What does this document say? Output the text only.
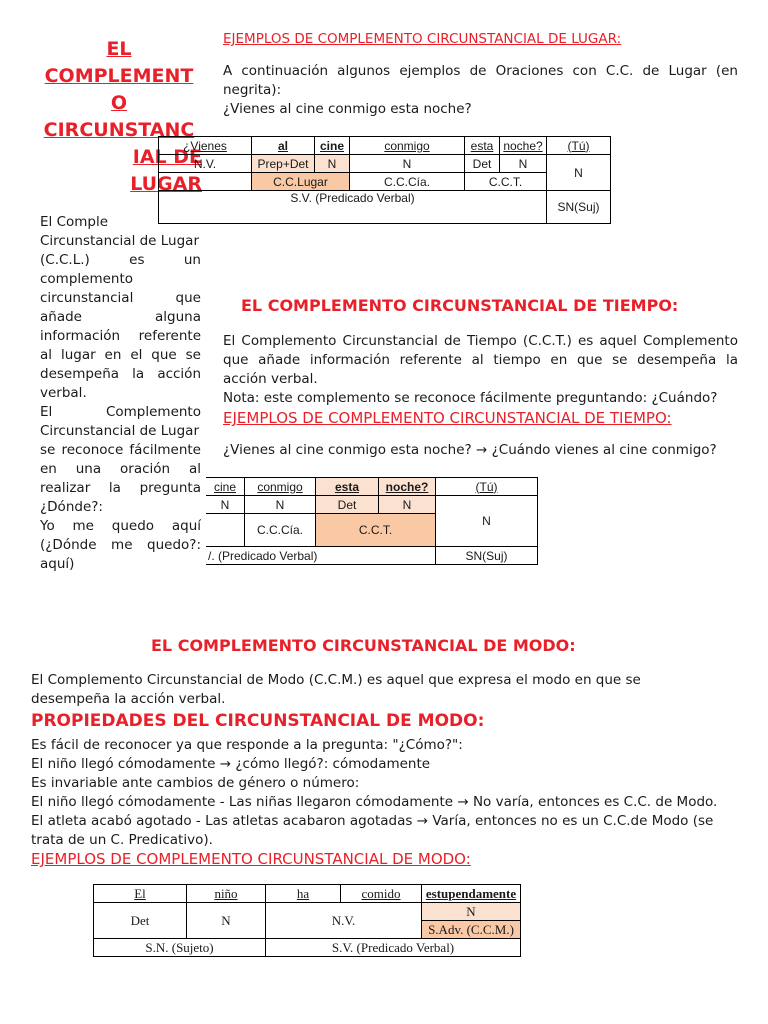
EL
COMPLEMENT
O
CIRCUNSTANC
IAL DE
LUGAR
El Comple
Circunstancial de Lugar
(C.C.L.) es un
complemento
circunstancial que
añade alguna
información referente
al lugar en el que se
desempeña la acción
verbal.
El Complemento
Circunstancial de Lugar
se reconoce fácilmente
en una oración al
realizar la pregunta
¿Dónde?:
Yo me quedo aquí
(¿Dónde me quedo?:
aquí)
EJEMPLOS DE COMPLEMENTO CIRCUNSTANCIAL DE LUGAR:
A continuación algunos ejemplos de Oraciones con C.C. de Lugar (en
negrita):
¿Vienes al cine conmigo esta noche?
¿Vienes	al	cine	conmigo	esta	noche?	(Tú)
N.V.	Prep+Det	N	N	Det	N	N
	C.C.Lugar		C.C.Cía.	C.C.T.		
S.V. (Predicado Verbal)						SN(Suj)
EL COMPLEMENTO CIRCUNSTANCIAL DE TIEMPO:
El Complemento Circunstancial de Tiempo (C.C.T.) es aquel Complemento
que añade información referente al tiempo en que se desempeña la
acción verbal.
Nota: este complemento se reconoce fácilmente preguntando: ¿Cuándo?
EJEMPLOS DE COMPLEMENTO CIRCUNSTANCIAL DE TIEMPO:
¿Vienes al cine conmigo esta noche? → ¿Cuándo vienes al cine conmigo?
cine	conmigo	esta	noche?	(Tú)
N	N	Det	N	N
	C.C.Cía.	C.C.T.		
/. (Predicado Verbal)				SN(Suj)
EL COMPLEMENTO CIRCUNSTANCIAL DE MODO:
El Complemento Circunstancial de Modo (C.C.M.) es aquel que expresa el modo en que se
desempeña la acción verbal.
PROPIEDADES DEL CIRCUNSTANCIAL DE MODO:
Es fácil de reconocer ya que responde a la pregunta: "¿Cómo?":
El niño llegó cómodamente → ¿cómo llegó?: cómodamente
Es invariable ante cambios de género o número:
El niño llegó cómodamente - Las niñas llegaron cómodamente → No varía, entonces es C.C. de Modo.
El atleta acabó agotado - Las atletas acabaron agotadas → Varía, entonces no es un C.C.de Modo (se
trata de un C. Predicativo).
EJEMPLOS DE COMPLEMENTO CIRCUNSTANCIAL DE MODO:
El	niño	ha	comido	estupendamente
Det	N	N.V.		N
				S.Adv. (C.C.M.)
S.N. (Sujeto)		S.V. (Predicado Verbal)		
